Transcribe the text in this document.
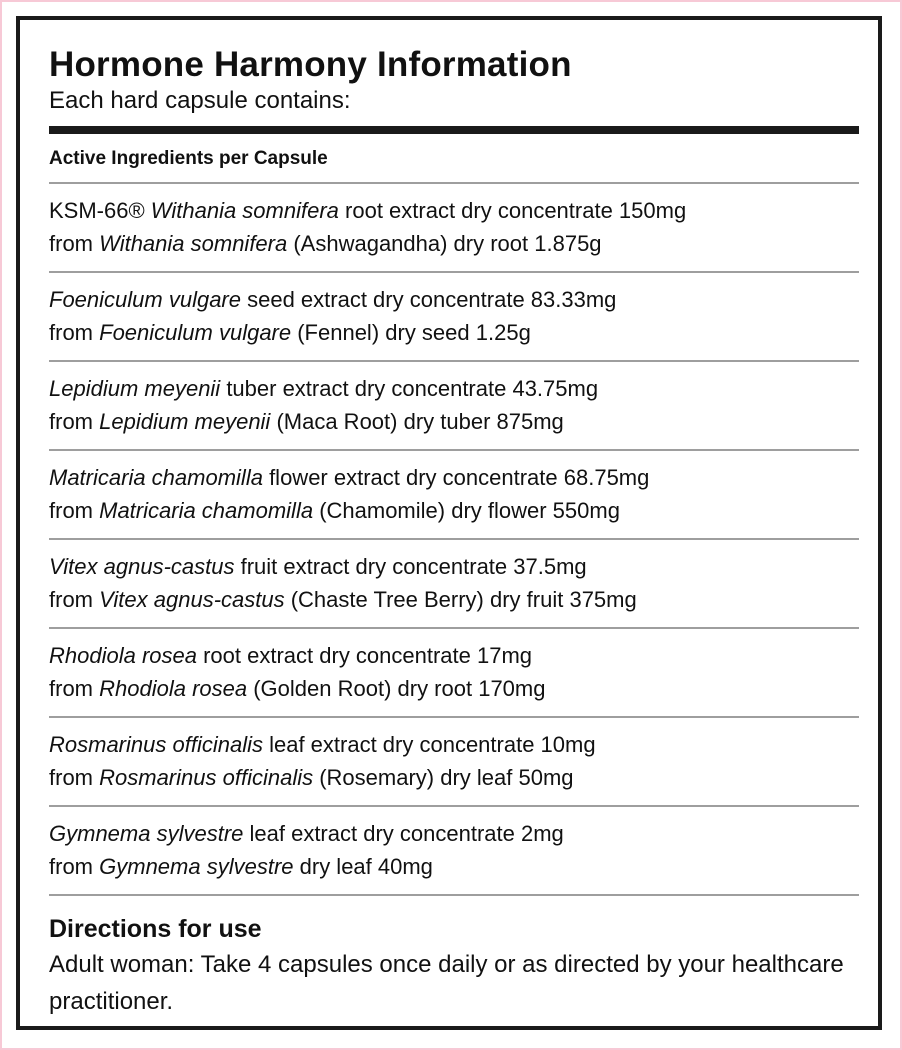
Hormone Harmony Information

Each hard capsule contains:

Active Ingredients per Capsule
KSM-66® Withania somnifera root extract dry concentrate 150mg
from Withania somnifera (Ashwagandha) dry root 1.875g
Foeniculum vulgare seed extract dry concentrate 83.33mg
from Foeniculum vulgare (Fennel) dry seed 1.25g
Lepidium meyenii tuber extract dry concentrate 43.75mg
from Lepidium meyenii (Maca Root) dry tuber 875mg
Matricaria chamomilla flower extract dry concentrate 68.75mg
from Matricaria chamomilla (Chamomile) dry flower 550mg
Vitex agnus-castus fruit extract dry concentrate 37.5mg
from Vitex agnus-castus (Chaste Tree Berry) dry fruit 375mg
Rhodiola rosea root extract dry concentrate 17mg
from Rhodiola rosea (Golden Root) dry root 170mg
Rosmarinus officinalis leaf extract dry concentrate 10mg
from Rosmarinus officinalis (Rosemary) dry leaf 50mg
Gymnema sylvestre leaf extract dry concentrate 2mg
from Gymnema sylvestre dry leaf 40mg
Directions for use

Adult woman: Take 4 capsules once daily or as directed by your healthcare practitioner.
